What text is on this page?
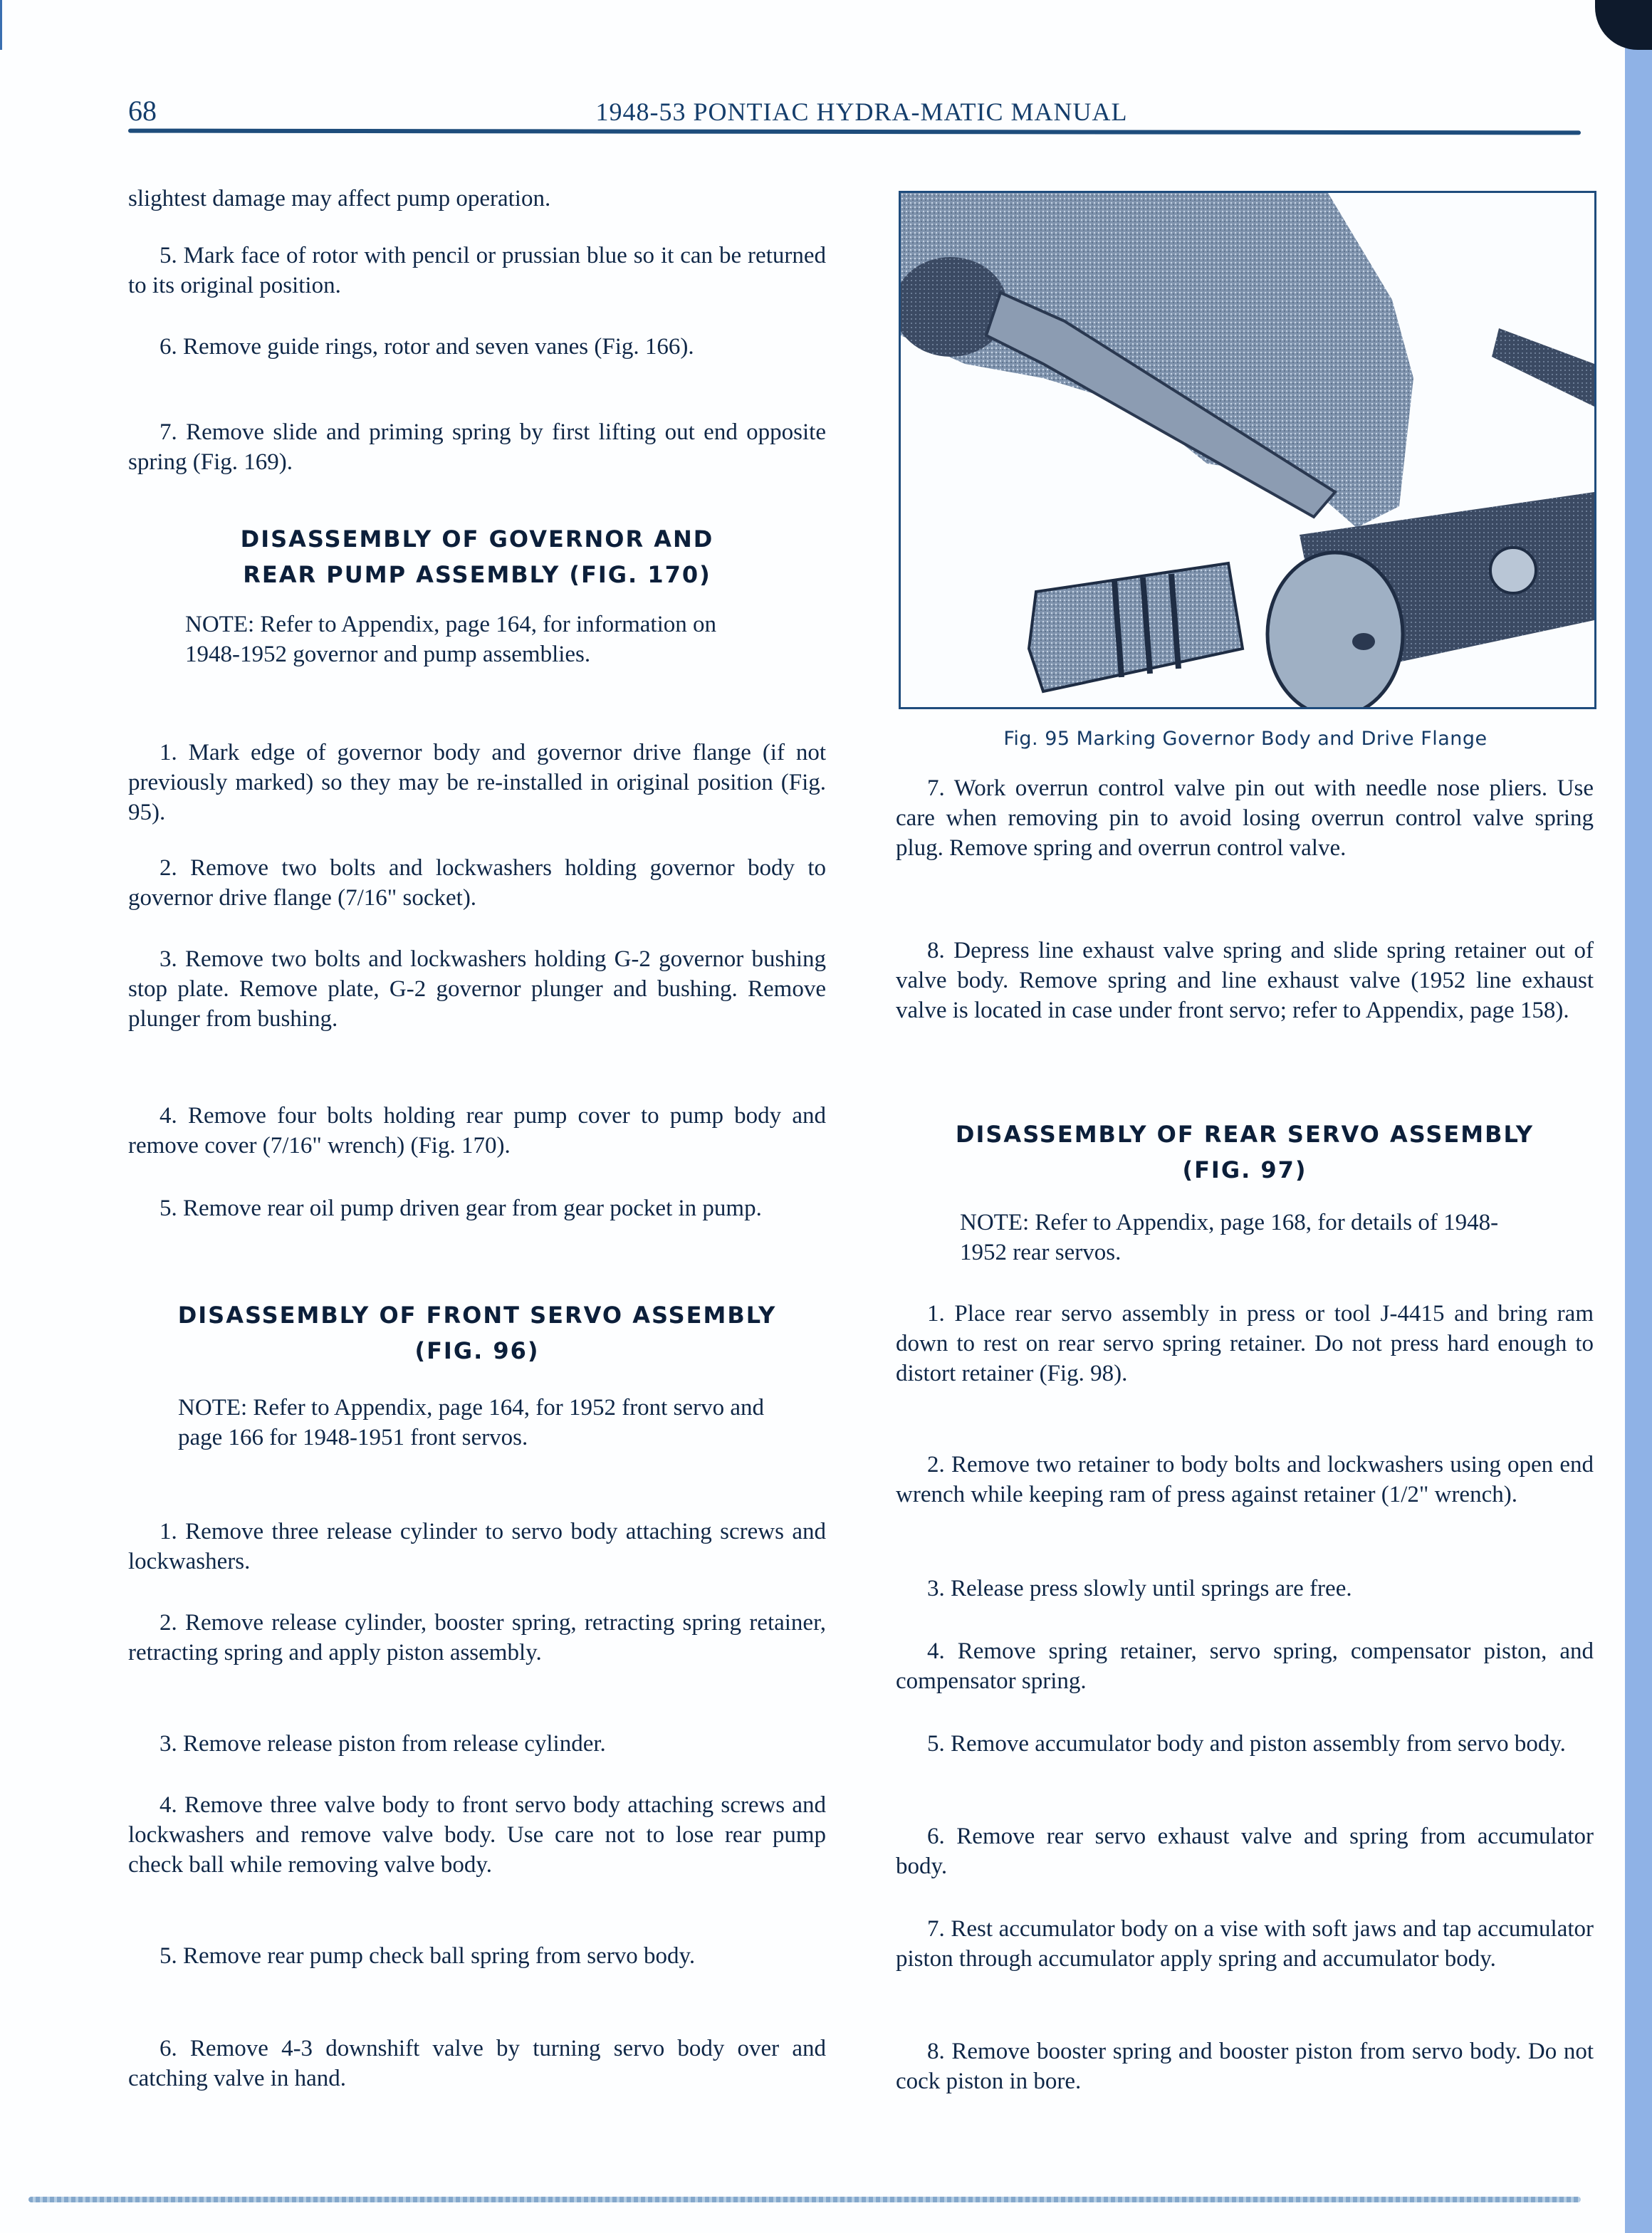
68	1948-53 PONTIAC HYDRA-MATIC MANUAL

slightest damage may affect pump operation.

5. Mark face of rotor with pencil or prussian blue so it can be returned to its original position.

6. Remove guide rings, rotor and seven vanes (Fig. 166).

7. Remove slide and priming spring by first lifting out end opposite spring (Fig. 169).

DISASSEMBLY OF GOVERNOR AND
REAR PUMP ASSEMBLY (FIG. 170)

NOTE: Refer to Appendix, page 164, for information on 1948-1952 governor and pump assemblies.

1. Mark edge of governor body and governor drive flange (if not previously marked) so they may be re-installed in original position (Fig. 95).

2. Remove two bolts and lockwashers holding governor body to governor drive flange (7/16" socket).

3. Remove two bolts and lockwashers holding G-2 governor bushing stop plate. Remove plate, G-2 governor plunger and bushing. Remove plunger from bushing.

4. Remove four bolts holding rear pump cover to pump body and remove cover (7/16" wrench) (Fig. 170).

5. Remove rear oil pump driven gear from gear pocket in pump.

DISASSEMBLY OF FRONT SERVO ASSEMBLY
(FIG. 96)

NOTE: Refer to Appendix, page 164, for 1952 front servo and page 166 for 1948-1951 front servos.

1. Remove three release cylinder to servo body attaching screws and lockwashers.

2. Remove release cylinder, booster spring, retracting spring retainer, retracting spring and apply piston assembly.

3. Remove release piston from release cylinder.

4. Remove three valve body to front servo body attaching screws and lockwashers and remove valve body. Use care not to lose rear pump check ball while removing valve body.

5. Remove rear pump check ball spring from servo body.

6. Remove 4-3 downshift valve by turning servo body over and catching valve in hand.

Fig. 95 Marking Governor Body and Drive Flange

7. Work overrun control valve pin out with needle nose pliers. Use care when removing pin to avoid losing overrun control valve spring plug. Remove spring and overrun control valve.

8. Depress line exhaust valve spring and slide spring retainer out of valve body. Remove spring and line exhaust valve (1952 line exhaust valve is located in case under front servo; refer to Appendix, page 158).

DISASSEMBLY OF REAR SERVO ASSEMBLY
(FIG. 97)

NOTE: Refer to Appendix, page 168, for details of 1948-1952 rear servos.

1. Place rear servo assembly in press or tool J-4415 and bring ram down to rest on rear servo spring retainer. Do not press hard enough to distort retainer (Fig. 98).

2. Remove two retainer to body bolts and lockwashers using open end wrench while keeping ram of press against retainer (1/2" wrench).

3. Release press slowly until springs are free.

4. Remove spring retainer, servo spring, compensator piston, and compensator spring.

5. Remove accumulator body and piston assembly from servo body.

6. Remove rear servo exhaust valve and spring from accumulator body.

7. Rest accumulator body on a vise with soft jaws and tap accumulator piston through accumulator apply spring and accumulator body.

8. Remove booster spring and booster piston from servo body. Do not cock piston in bore.
